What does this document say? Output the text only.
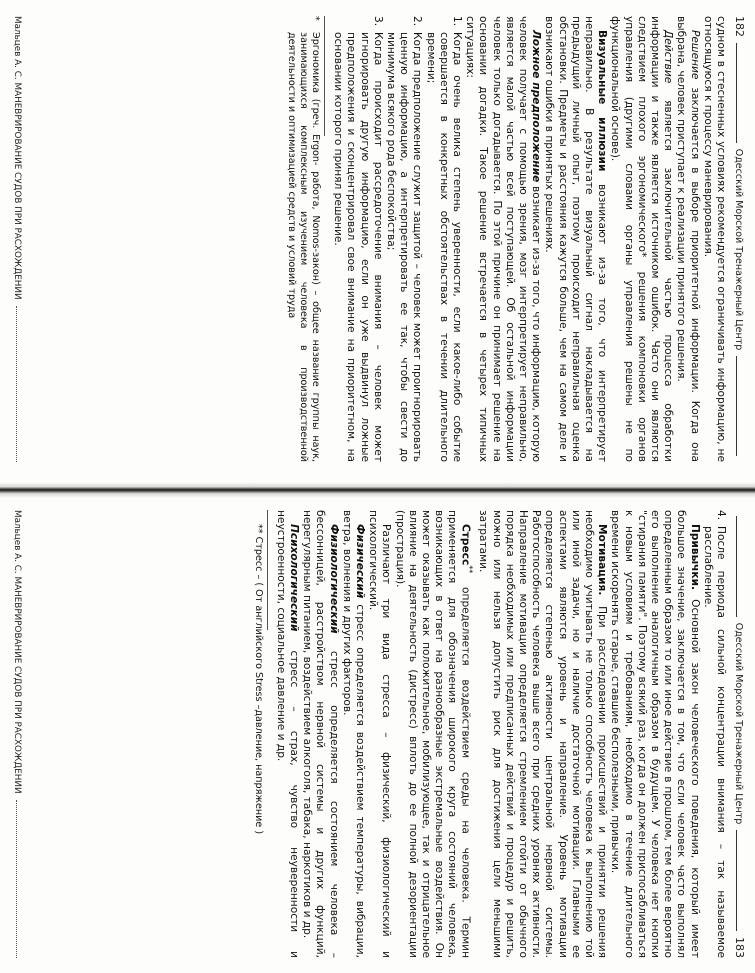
182
Одесский Морской Тренажерный Центр

судном в стесненных условиях рекомендуется ограничивать информацию, не относящуюся к процессу маневрирования.

Решение заключается в выборе приоритетной информации. Когда она выбрана, человек приступает к реализации принятого решения.

Действие является заключительной частью процесса обработки информации и также является источником ошибок. Часто они являются следствием плохого эргономического* решения компоновки органов управления (другими словами органы управления решены не по функциональной основе).

Визуальные иллюзии возникают из-за того, что интерпретирует неправильно. В результате визуальный сигнал накладывается на предыдущий личный опыт, поэтому происходит неправильная оценка обстановки. Предметы и расстояния кажутся больше, чем на самом деле и возникают ошибки в принятых решениях.

Ложное предположение возникает из-за того, что информацию, которую человек получает с помощью зрения, мозг интерпретирует неправильно, является малой частью всей поступающей. Об остальной информации человек только догадывается. По этой причине он принимает решение на основании догадки. Такое решение встречается в четырех типичных ситуациях:

1.
Когда очень велика степень уверенности, если какое-либо событие совершается в конкретных обстоятельствах в течении длительного времени;
2.
Когда предположение служит защитой – человек может проигнорировать ценную информацию, а интерпретировать ее так, чтобы свести до минимума всякого рода беспокойства;
3.
Когда происходит рассредоточение внимания – человек может игнорировать другую информацию, если он уже выдвинул ложные предположения и сконцентрировал свое внимание на приоритетном, на основании которого принял решение.
*
Эргономика (греч. Ergon- работа, Nomos-закон) – общее название группы наук, занимающихся комплексным изучением человека в производственной деятельности и оптимизацией средств и условий труда
Мальцев А. С. МАНЕВРИРОВАНИЕ СУДОВ ПРИ РАСХОЖДЕНИИ
Одесский Морской Тренажерный Центр
183
4.
После периода сильной концентрации внимания – так называемое расслабление.

Привычки. Основной закон человеческого поведения, который имеет большое значение, заключается в том, что если человек часто выполнял определенным образом то или иное действие в прошлом, тем более вероятно его выполнение аналогичным образом в будущем. У человека нет кнопки "стирания памяти". Поэтому всякий раз, когда он должен приспосабливаться к новым условиям и требованиям, необходимо в течение длительного времени искоренять старые, ставшие бесполезными, привычки.

Мотивация. При расследовании происшествий и принятии решения необходимо учитывать не только способность человека к выполнению той или иной задачи, но и наличие достаточной мотивации. Главными ее аспектами являются уровень и направление. Уровень мотивации определяется степенью активности центральной нервной системы. Работоспособность человека выше всего при средних уровнях активности. Направление мотивации определяется стремлением отойти от обычного порядка необходимых или предписанных действий и процедур и решить, можно или нельзя допустить риск для достижения цели меньшими затратами.

Стресс** определяется воздействием среды на человека. Термин применяется для обозначения широкого круга состояний человека, возникающих в ответ на разнообразные экстремальные воздействия. Он может оказывать как положительное, мобилизующее, так и отрицательное влияние на деятельность (дистресс) вплоть до ее полной дезориентации (прострация).

Различают три вида стресса – физический, физиологический и психологический.

Физический стресс определяется воздействием температуры, вибрации, ветра, волнения и других факторов.

Физиологический стресс определяется состоянием человека – бессонницей, расстройством нервной системы и других функций, нерегулярным питанием, воздействием алкоголя, табака, наркотиков и др.

Психологический стресс – страх, чувство неуверенности и неустроенности, социальное давление и др.

** Стресс – ( От английского Stress –давление, напряжение )

Мальцев А. С. МАНЕВРИРОВАНИЕ СУДОВ ПРИ РАСХОЖДЕНИИ
